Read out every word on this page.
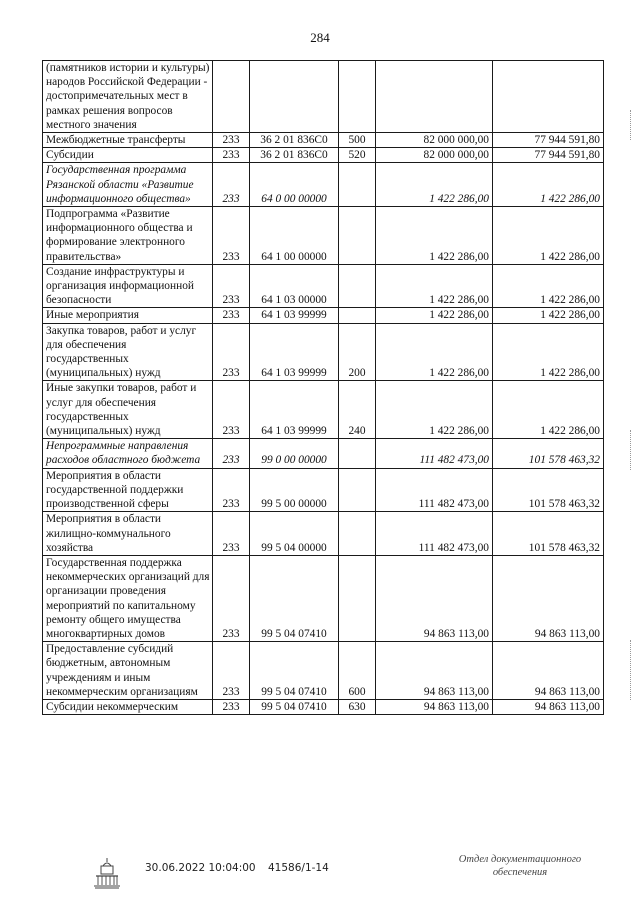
284
(памятников истории и культуры) народов Российской Федерации - достопримечательных мест в рамках решения вопросов местного значения					
Межбюджетные трансферты	233	36 2 01 836C0	500	82 000 000,00	77 944 591,80
Субсидии	233	36 2 01 836C0	520	82 000 000,00	77 944 591,80
Государственная программа Рязанской области «Развитие информационного общества»	233	64 0 00 00000		1 422 286,00	1 422 286,00
Подпрограмма «Развитие информационного общества и формирование электронного правительства»	233	64 1 00 00000		1 422 286,00	1 422 286,00
Создание инфраструктуры и организация информационной безопасности	233	64 1 03 00000		1 422 286,00	1 422 286,00
Иные мероприятия	233	64 1 03 99999		1 422 286,00	1 422 286,00
Закупка товаров, работ и услуг для обеспечения государственных (муниципальных) нужд	233	64 1 03 99999	200	1 422 286,00	1 422 286,00
Иные закупки товаров, работ и услуг для обеспечения государственных (муниципальных) нужд	233	64 1 03 99999	240	1 422 286,00	1 422 286,00
Непрограммные направления расходов областного бюджета	233	99 0 00 00000		111 482 473,00	101 578 463,32
Мероприятия в области государственной поддержки производственной сферы	233	99 5 00 00000		111 482 473,00	101 578 463,32
Мероприятия в области жилищно-коммунального хозяйства	233	99 5 04 00000		111 482 473,00	101 578 463,32
Государственная поддержка некоммерческих организаций для организации проведения мероприятий по капитальному ремонту общего имущества многоквартирных домов	233	99 5 04 07410		94 863 113,00	94 863 113,00
Предоставление субсидий бюджетным, автономным учреждениям и иным некоммерческим организациям	233	99 5 04 07410	600	94 863 113,00	94 863 113,00
Субсидии некоммерческим	233	99 5 04 07410	630	94 863 113,00	94 863 113,00
30.06.2022 10:04:00 41586/1-14
Отдел документационного
обеспечения
